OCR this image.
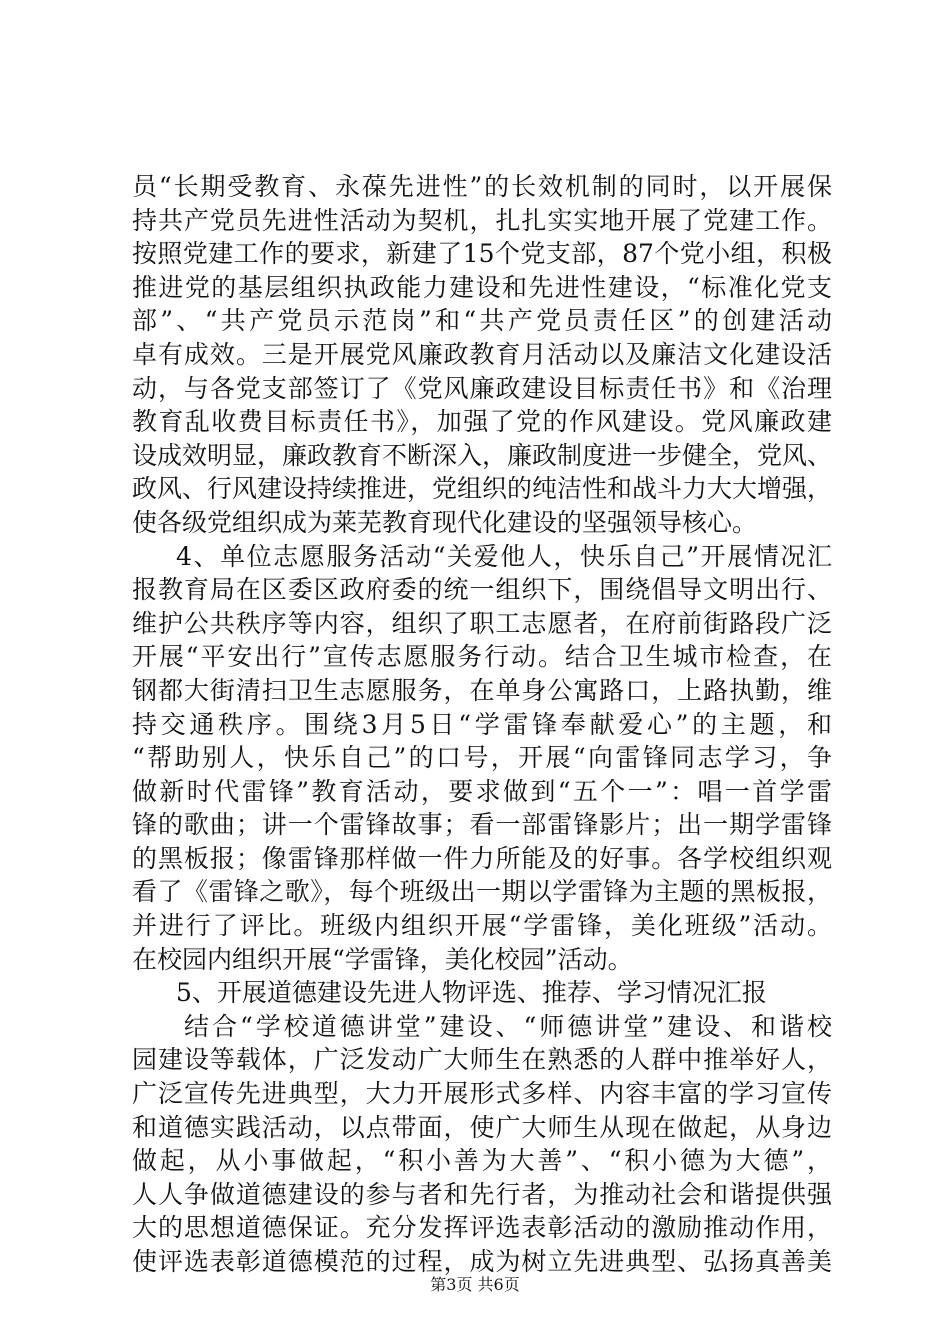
员“长期受教育、永葆先进性”的长效机制的同时，以开展保
持共产党员先进性活动为契机，扎扎实实地开展了党建工作。
按照党建工作的要求，新建了15个党支部，87个党小组，积极
推进党的基层组织执政能力建设和先进性建设，“标准化党支
部”、“共产党员示范岗”和“共产党员责任区”的创建活动
卓有成效。三是开展党风廉政教育月活动以及廉洁文化建设活
动，与各党支部签订了《党风廉政建设目标责任书》和《治理
教育乱收费目标责任书》，加强了党的作风建设。党风廉政建
设成效明显，廉政教育不断深入，廉政制度进一步健全，党风、
政风、行风建设持续推进，党组织的纯洁性和战斗力大大增强，
使各级党组织成为莱芜教育现代化建设的坚强领导核心。
4、单位志愿服务活动“关爱他人，快乐自己”开展情况汇
报教育局在区委区政府委的统一组织下，围绕倡导文明出行、
维护公共秩序等内容，组织了职工志愿者，在府前街路段广泛
开展“平安出行”宣传志愿服务行动。结合卫生城市检查，在
钢都大街清扫卫生志愿服务，在单身公寓路口，上路执勤，维
持交通秩序。围绕3月5日“学雷锋奉献爱心”的主题，和
“帮助别人，快乐自己”的口号，开展“向雷锋同志学习，争
做新时代雷锋”教育活动，要求做到“五个一”：唱一首学雷
锋的歌曲；讲一个雷锋故事；看一部雷锋影片；出一期学雷锋
的黑板报；像雷锋那样做一件力所能及的好事。各学校组织观
看了《雷锋之歌》，每个班级出一期以学雷锋为主题的黑板报，
并进行了评比。班级内组织开展“学雷锋，美化班级”活动。
在校园内组织开展“学雷锋，美化校园”活动。
5、开展道德建设先进人物评选、推荐、学习情况汇报
结合“学校道德讲堂”建设、“师德讲堂”建设、和谐校
园建设等载体，广泛发动广大师生在熟悉的人群中推举好人，
广泛宣传先进典型，大力开展形式多样、内容丰富的学习宣传
和道德实践活动，以点带面，使广大师生从现在做起，从身边
做起，从小事做起，“积小善为大善”、“积小德为大德”，
人人争做道德建设的参与者和先行者，为推动社会和谐提供强
大的思想道德保证。充分发挥评选表彰活动的激励推动作用，
使评选表彰道德模范的过程，成为树立先进典型、弘扬真善美
第3页 共6页
